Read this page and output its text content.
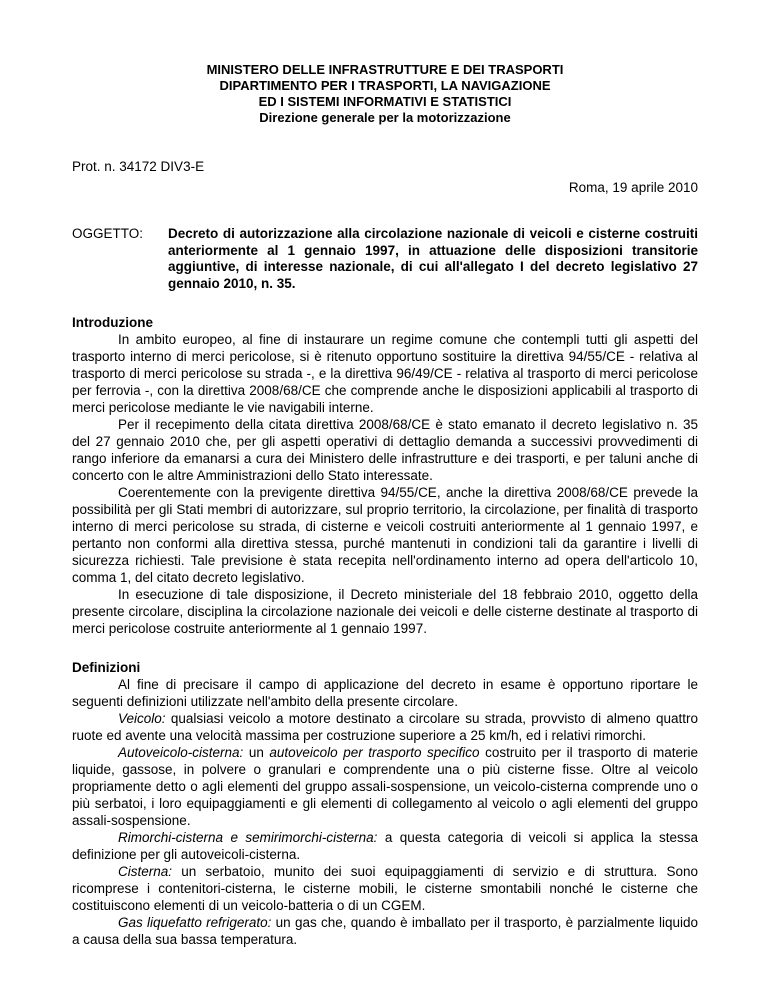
MINISTERO DELLE INFRASTRUTTURE E DEI TRASPORTI
DIPARTIMENTO PER I TRASPORTI, LA NAVIGAZIONE
ED I SISTEMI INFORMATIVI E STATISTICI
Direzione generale per la motorizzazione
Prot. n. 34172 DIV3-E
Roma, 19 aprile 2010
OGGETTO:	Decreto di autorizzazione alla circolazione nazionale di veicoli e cisterne costruiti anteriormente al 1 gennaio 1997, in attuazione delle disposizioni transitorie aggiuntive, di interesse nazionale, di cui all'allegato I del decreto legislativo 27 gennaio 2010, n. 35.
Introduzione

In ambito europeo, al fine di instaurare un regime comune che contempli tutti gli aspetti del trasporto interno di merci pericolose, si è ritenuto opportuno sostituire la direttiva 94/55/CE - relativa al trasporto di merci pericolose su strada -, e la direttiva 96/49/CE - relativa al trasporto di merci pericolose per ferrovia -, con la direttiva 2008/68/CE che comprende anche le disposizioni applicabili al trasporto di merci pericolose mediante le vie navigabili interne.

Per il recepimento della citata direttiva 2008/68/CE è stato emanato il decreto legislativo n. 35 del 27 gennaio 2010 che, per gli aspetti operativi di dettaglio demanda a successivi provvedimenti di rango inferiore da emanarsi a cura dei Ministero delle infrastrutture e dei trasporti, e per taluni anche di concerto con le altre Amministrazioni dello Stato interessate.

Coerentemente con la previgente direttiva 94/55/CE, anche la direttiva 2008/68/CE prevede la possibilità per gli Stati membri di autorizzare, sul proprio territorio, la circolazione, per finalità di trasporto interno di merci pericolose su strada, di cisterne e veicoli costruiti anteriormente al 1 gennaio 1997, e pertanto non conformi alla direttiva stessa, purché mantenuti in condizioni tali da garantire i livelli di sicurezza richiesti. Tale previsione è stata recepita nell'ordinamento interno ad opera dell'articolo 10, comma 1, del citato decreto legislativo.

In esecuzione di tale disposizione, il Decreto ministeriale del 18 febbraio 2010, oggetto della presente circolare, disciplina la circolazione nazionale dei veicoli e delle cisterne destinate al trasporto di merci pericolose costruite anteriormente al 1 gennaio 1997.

Definizioni

Al fine di precisare il campo di applicazione del decreto in esame è opportuno riportare le seguenti definizioni utilizzate nell'ambito della presente circolare.

Veicolo: qualsiasi veicolo a motore destinato a circolare su strada, provvisto di almeno quattro ruote ed avente una velocità massima per costruzione superiore a 25 km/h, ed i relativi rimorchi.

Autoveicolo-cisterna: un autoveicolo per trasporto specifico costruito per il trasporto di materie liquide, gassose, in polvere o granulari e comprendente una o più cisterne fisse. Oltre al veicolo propriamente detto o agli elementi del gruppo assali-sospensione, un veicolo-cisterna comprende uno o più serbatoi, i loro equipaggiamenti e gli elementi di collegamento al veicolo o agli elementi del gruppo assali-sospensione.

Rimorchi-cisterna e semirimorchi-cisterna: a questa categoria di veicoli si applica la stessa definizione per gli autoveicoli-cisterna.

Cisterna: un serbatoio, munito dei suoi equipaggiamenti di servizio e di struttura. Sono ricomprese i contenitori-cisterna, le cisterne mobili, le cisterne smontabili nonché le cisterne che costituiscono elementi di un veicolo-batteria o di un CGEM.

Gas liquefatto refrigerato: un gas che, quando è imballato per il trasporto, è parzialmente liquido a causa della sua bassa temperatura.
